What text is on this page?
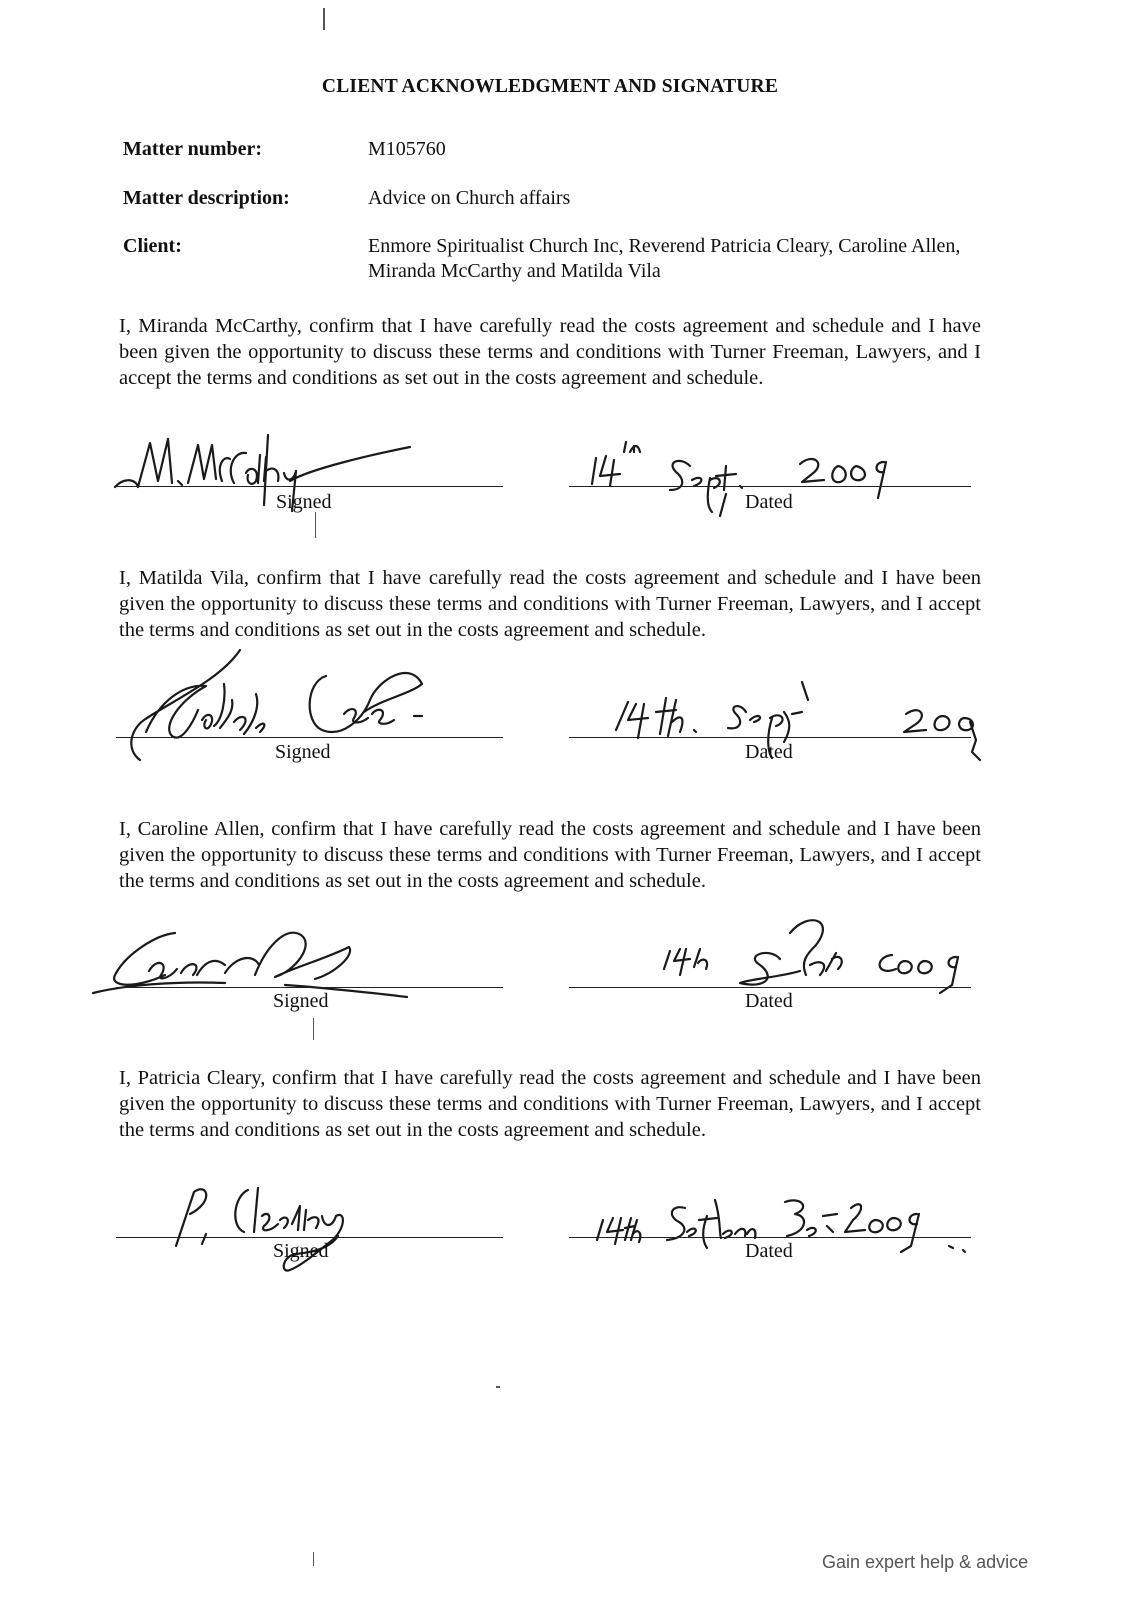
CLIENT ACKNOWLEDGMENT AND SIGNATURE
Matter number:	M105760
Matter description:	Advice on Church affairs
Client:	Enmore Spiritualist Church Inc, Reverend Patricia Cleary, Caroline Allen, Miranda McCarthy and Matilda Vila
I, Miranda McCarthy, confirm that I have carefully read the costs agreement and schedule and I have been given the opportunity to discuss these terms and conditions with Turner Freeman, Lawyers, and I accept the terms and conditions as set out in the costs agreement and schedule.
Signed	Dated
I, Matilda Vila, confirm that I have carefully read the costs agreement and schedule and I have been given the opportunity to discuss these terms and conditions with Turner Freeman, Lawyers, and I accept the terms and conditions as set out in the costs agreement and schedule.
Signed	Dated
I, Caroline Allen, confirm that I have carefully read the costs agreement and schedule and I have been given the opportunity to discuss these terms and conditions with Turner Freeman, Lawyers, and I accept the terms and conditions as set out in the costs agreement and schedule.
Signed	Dated
I, Patricia Cleary, confirm that I have carefully read the costs agreement and schedule and I have been given the opportunity to discuss these terms and conditions with Turner Freeman, Lawyers, and I accept the terms and conditions as set out in the costs agreement and schedule.
Signed	Dated
Gain expert help & advice
